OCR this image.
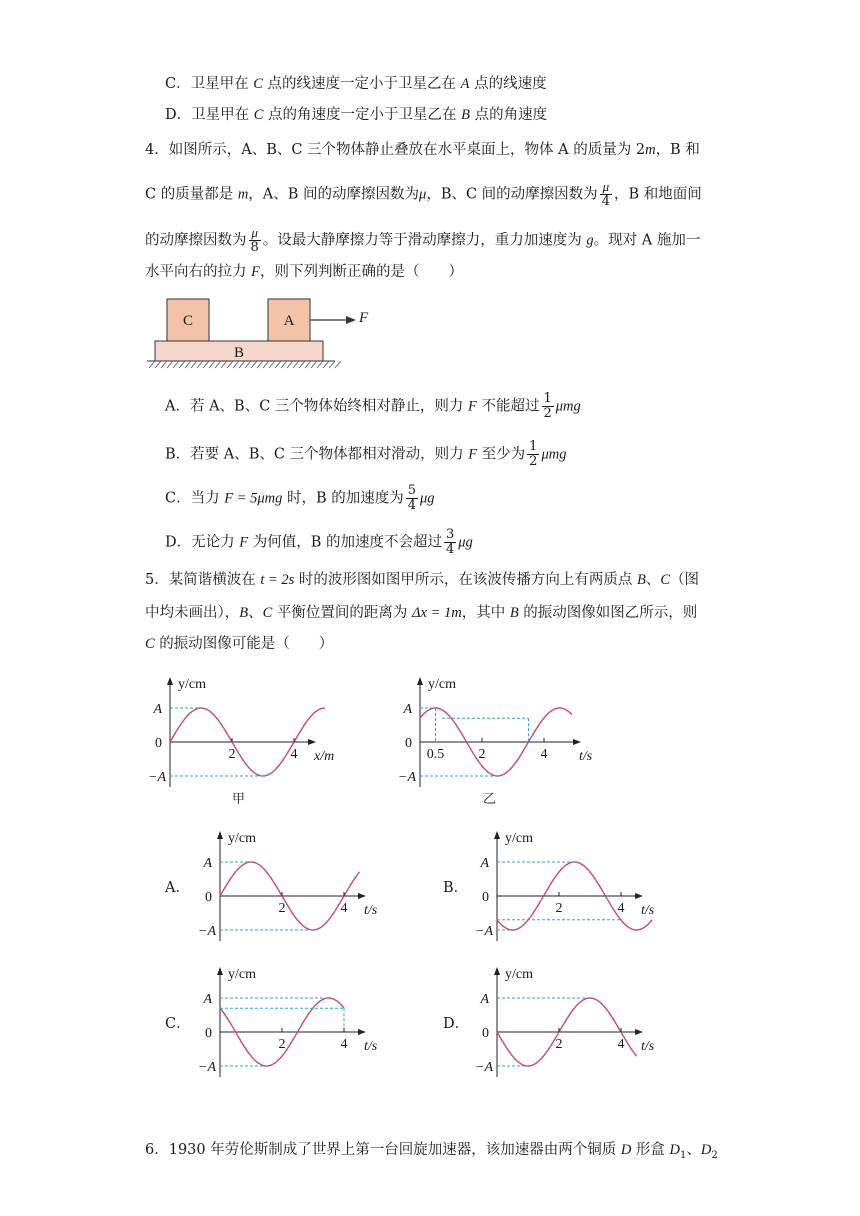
C．卫星甲在 C 点的线速度一定小于卫星乙在 A 点的线速度
D．卫星甲在 C 点的角速度一定小于卫星乙在 B 点的角速度
4．如图所示，A、B、C 三个物体静止叠放在水平桌面上，物体 A 的质量为 2m，B 和
C 的质量都是 m，A、B 间的动摩擦因数为μ，B、C 间的动摩擦因数为 $\frac{\mu}{4}$ ，B 和地面间
的动摩擦因数为 $\frac{\mu}{8}$ 。设最大静摩擦力等于滑动摩擦力，重力加速度为 g。现对 A 施加一
水平向右的拉力 F，则下列判断正确的是（　　）
C	A
B
F
A．若 A、B、C 三个物体始终相对静止，则力 F 不能超过 $\frac{1}{2}$ μmg
B．若要 A、B、C 三个物体都相对滑动，则力 F 至少为 $\frac{1}{2}$ μmg
C．当力 F = 5μmg 时，B 的加速度为 $\frac{5}{4}$ μg
D．无论力 F 为何值，B 的加速度不会超过 $\frac{3}{4}$ μg
5．某简谐横波在 t = 2s 时的波形图如图甲所示，在该波传播方向上有两质点 B、C（图
中均未画出），B、C 平衡位置间的距离为 Δx = 1m，其中 B 的振动图像如图乙所示，则
C 的振动图像可能是（　　）
y/cm
A
0
−A
2	4 x/m
y/cm
A
0
−A
2	4
0.5	t/s
甲	乙
A．
y/cm
A
0
−A
2	4 t/s
B．
y/cm
A
0
−A
2	4 t/s
C．
y/cm
A
0
−A
2	4 t/s
D．
y/cm
A
0
−A
2	4 t/s
6．1930 年劳伦斯制成了世界上第一台回旋加速器，该加速器由两个铜质 D 形盒 $D_1$、$D_2$
